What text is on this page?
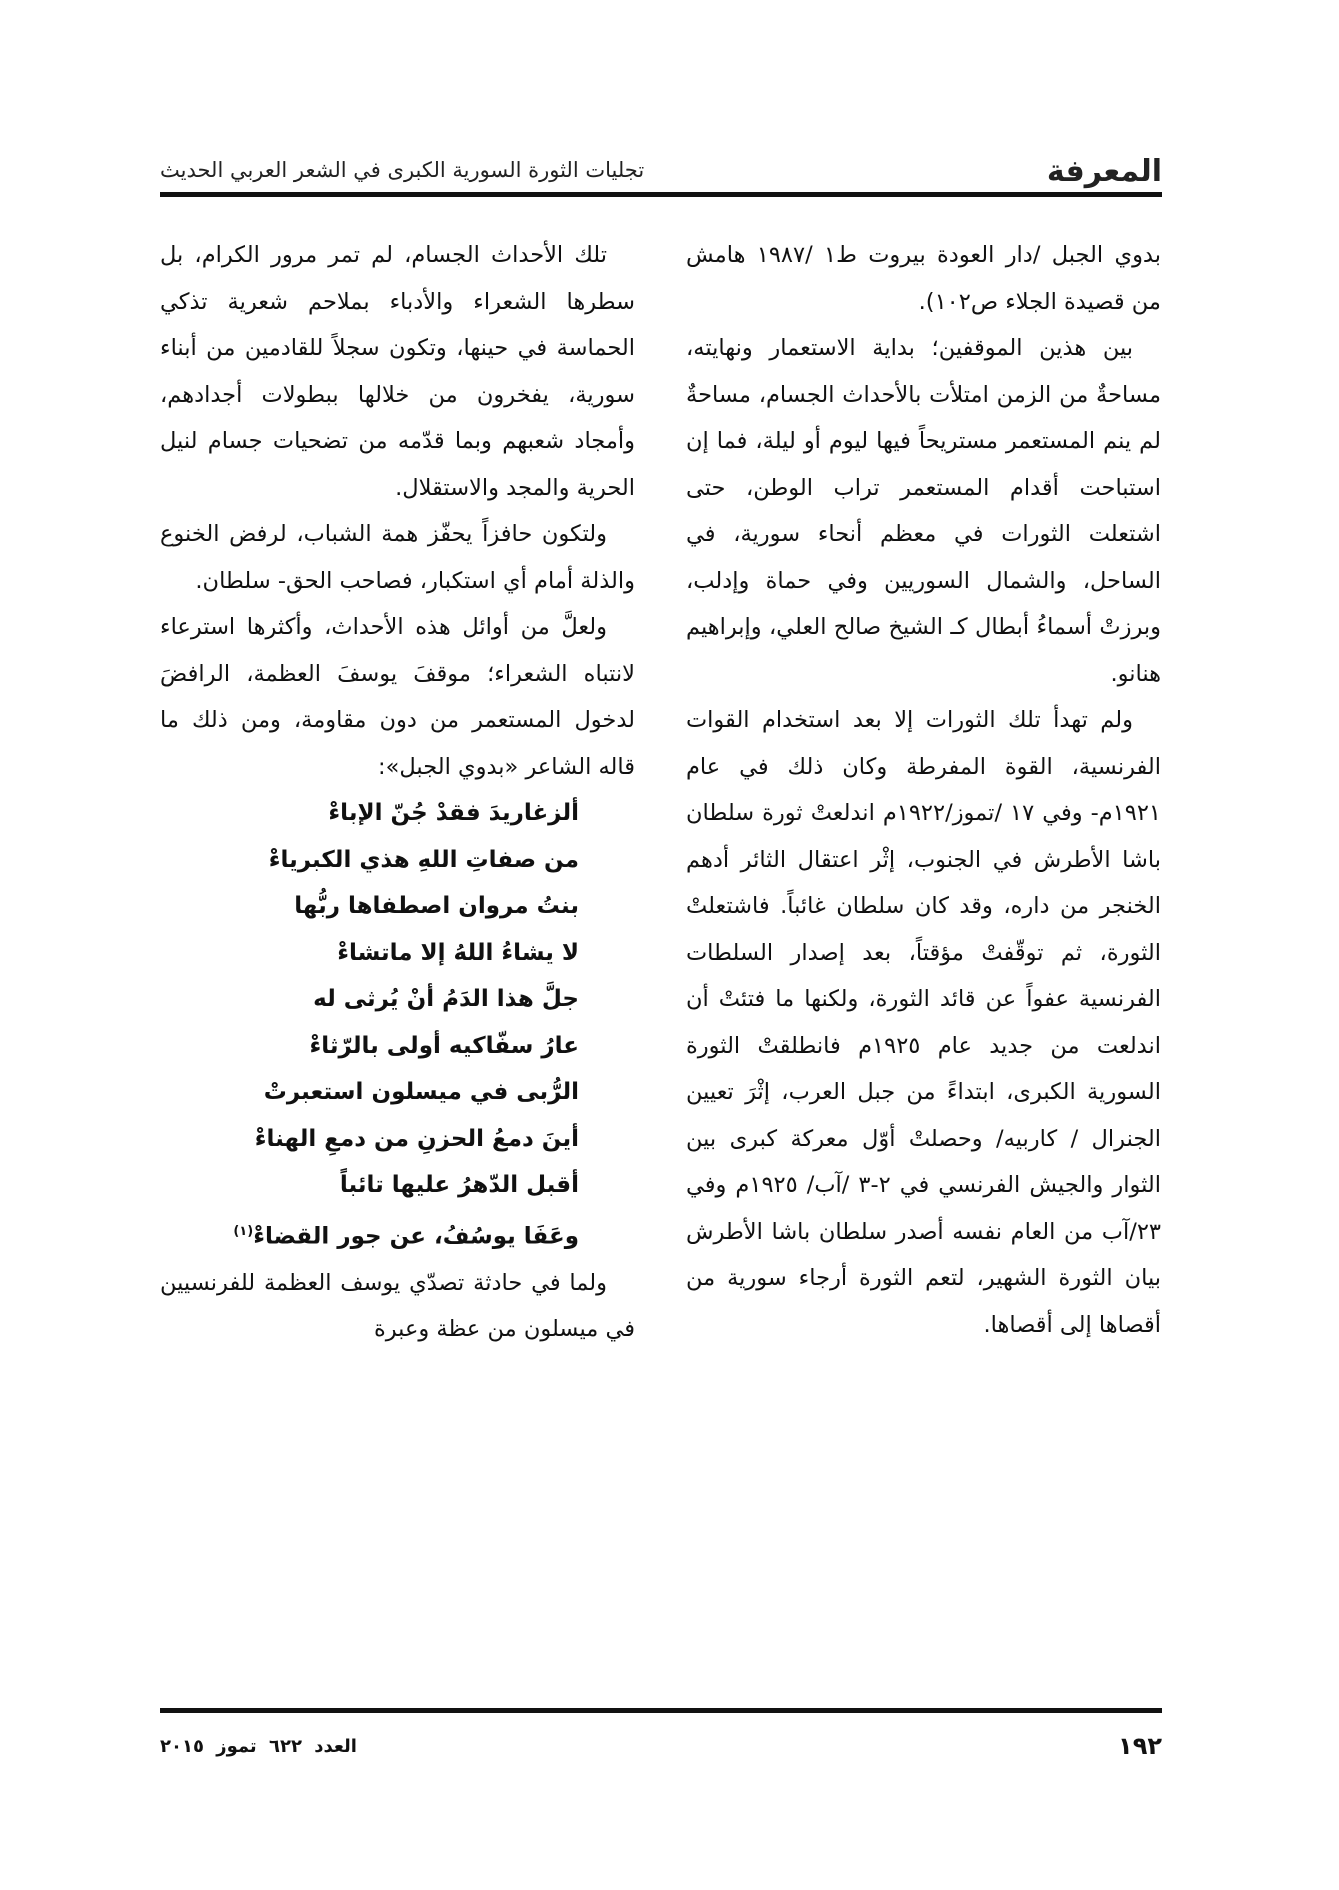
المعرفة
تجليات الثورة السورية الكبرى في الشعر العربي الحديث

بدوي الجبل /دار العودة بيروت ط١ /١٩٨٧ هامش من قصيدة الجلاء ص١٠٢).

بين هذين الموقفين؛ بداية الاستعمار ونهايته، مساحةٌ من الزمن امتلأت بالأحداث الجسام، مساحةٌ لم ينم المستعمر مستريحاً فيها ليوم أو ليلة، فما إن استباحت أقدام المستعمر تراب الوطن، حتى اشتعلت الثورات في معظم أنحاء سورية، في الساحل، والشمال السوريين وفي حماة وإدلب، وبرزتْ أسماءُ أبطال كـ الشيخ صالح العلي، وإبراهيم هنانو.

ولم تهدأ تلك الثورات إلا بعد استخدام القوات الفرنسية، القوة المفرطة وكان ذلك في عام ١٩٢١م- وفي ١٧ /تموز/١٩٢٢م اندلعتْ ثورة سلطان باشا الأطرش في الجنوب، إثْر اعتقال الثائر أدهم الخنجر من داره، وقد كان سلطان غائباً. فاشتعلتْ الثورة، ثم توقّفتْ مؤقتاً، بعد إصدار السلطات الفرنسية عفواً عن قائد الثورة، ولكنها ما فتئتْ أن اندلعت من جديد عام ١٩٢٥م فانطلقتْ الثورة السورية الكبرى، ابتداءً من جبل العرب، إثْرَ تعيين الجنرال / كاربيه/ وحصلتْ أوّل معركة كبرى بين الثوار والجيش الفرنسي في ٢-٣ /آب/ ١٩٢٥م وفي ٢٣/آب من العام نفسه أصدر سلطان باشا الأطرش بيان الثورة الشهير، لتعم الثورة أرجاء سورية من أقصاها إلى أقصاها.

تلك الأحداث الجسام، لم تمر مرور الكرام، بل سطرها الشعراء والأدباء بملاحم شعرية تذكي الحماسة في حينها، وتكون سجلاً للقادمين من أبناء سورية، يفخرون من خلالها ببطولات أجدادهم، وأمجاد شعبهم وبما قدّمه من تضحيات جسام لنيل الحرية والمجد والاستقلال.

ولتكون حافزاً يحفّز همة الشباب، لرفض الخنوع والذلة أمام أي استكبار، فصاحب الحق- سلطان.

ولعلَّ من أوائل هذه الأحداث، وأكثرها استرعاء لانتباه الشعراء؛ موقفَ يوسفَ العظمة، الرافضَ لدخول المستعمر من دون مقاومة، ومن ذلك ما قاله الشاعر «بدوي الجبل»:

ألزغاريدَ فقدْ جُنّ الإباءْ

من صفاتِ اللهِ هذي الكبرياءْ

بنتُ مروان اصطفاها ربُّها

لا يشاءُ اللهُ إلا ماتشاءْ

جلَّ هذا الدَمُ أنْ يُرثى له

عارُ سفّاكيه أولى بالرّثاءْ

الرُّبى في ميسلون استعبرتْ

أينَ دمعُ الحزنِ من دمعِ الهناءْ

أقبل الدّهرُ عليها تائباً

وعَفَا يوسُفُ، عن جور القضاءْ$^{(١)}$

ولما في حادثة تصدّي يوسف العظمة للفرنسيين في ميسلون من عظة وعبرة

١٩٢
العدد ٦٢٢ تموز ٢٠١٥
